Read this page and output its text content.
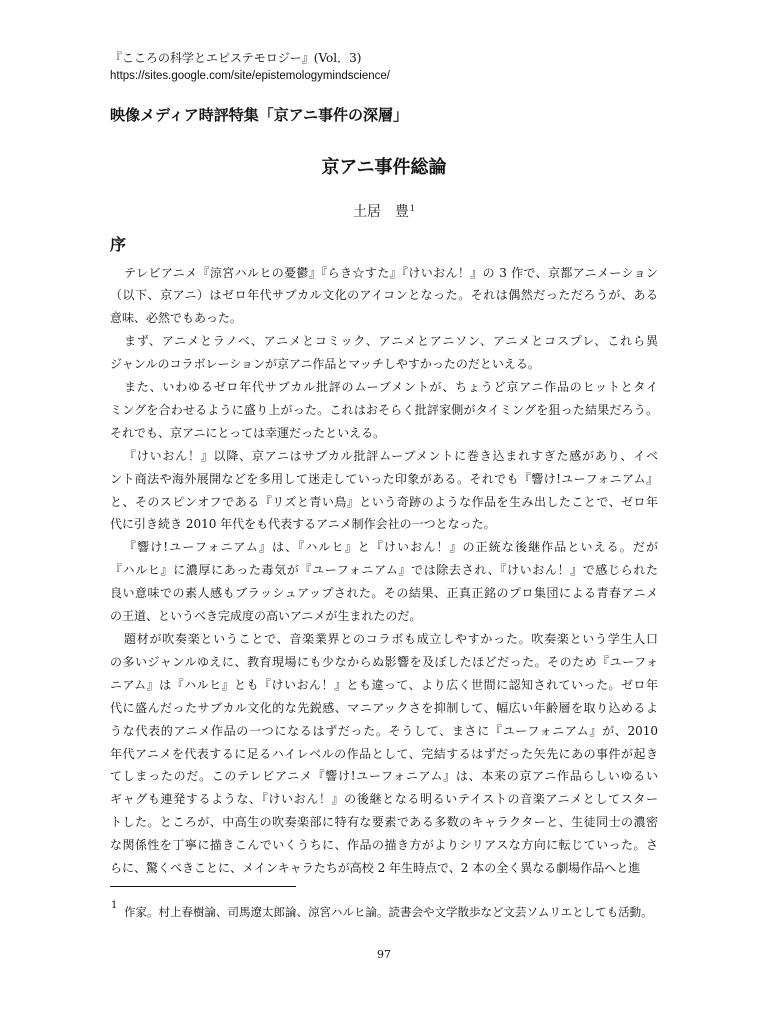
『こころの科学とエピステモロジー』(Vol．3)
https://sites.google.com/site/epistemologymindscience/
映像メディア時評特集「京アニ事件の深層」
京アニ事件総論
土居　豊$^1$
序
テレビアニメ『涼宮ハルヒの憂鬱』『らき☆すた』『けいおん！』の 3 作で、京都アニメーション
（以下、京アニ）はゼロ年代サブカル文化のアイコンとなった。それは偶然だっただろうが、ある
意味、必然でもあった。
まず、アニメとラノベ、アニメとコミック、アニメとアニソン、アニメとコスプレ、これら異
ジャンルのコラボレーションが京アニ作品とマッチしやすかったのだといえる。
また、いわゆるゼロ年代サブカル批評のムーブメントが、ちょうど京アニ作品のヒットとタイ
ミングを合わせるように盛り上がった。これはおそらく批評家側がタイミングを狙った結果だろう。
それでも、京アニにとっては幸運だったといえる。
『けいおん！』以降、京アニはサブカル批評ムーブメントに巻き込まれすぎた感があり、イベ
ント商法や海外展開などを多用して迷走していった印象がある。それでも『響け!ユーフォニアム』
と、そのスピンオフである『リズと青い鳥』という奇跡のような作品を生み出したことで、ゼロ年
代に引き続き 2010 年代をも代表するアニメ制作会社の一つとなった。
『響け!ユーフォニアム』は、『ハルヒ』と『けいおん！』の正統な後継作品といえる。だが
『ハルヒ』に濃厚にあった毒気が『ユーフォニアム』では除去され、『けいおん！』で感じられた
良い意味での素人感もブラッシュアップされた。その結果、正真正銘のプロ集団による青春アニメ
の王道、というべき完成度の高いアニメが生まれたのだ。
題材が吹奏楽ということで、音楽業界とのコラボも成立しやすかった。吹奏楽という学生人口
の多いジャンルゆえに、教育現場にも少なからぬ影響を及ぼしたほどだった。そのため『ユーフォ
ニアム』は『ハルヒ』とも『けいおん！』とも違って、より広く世間に認知されていった。ゼロ年
代に盛んだったサブカル文化的な先鋭感、マニアックさを抑制して、幅広い年齢層を取り込めるよ
うな代表的アニメ作品の一つになるはずだった。そうして、まさに『ユーフォニアム』が、2010
年代アニメを代表するに足るハイレベルの作品として、完結するはずだった矢先にあの事件が起き
てしまったのだ。このテレビアニメ『響け!ユーフォニアム』は、本来の京アニ作品らしいゆるい
ギャグも連発するような、『けいおん！』の後継となる明るいテイストの音楽アニメとしてスター
トした。ところが、中高生の吹奏楽部に特有な要素である多数のキャラクターと、生徒同士の濃密
な関係性を丁寧に描きこんでいくうちに、作品の描き方がよりシリアスな方向に転じていった。さ
らに、驚くべきことに、メインキャラたちが高校 2 年生時点で、2 本の全く異なる劇場作品へと進
1 作家。村上春樹論、司馬遼太郎論、涼宮ハルヒ論。読書会や文学散歩など文芸ソムリエとしても活動。
97
